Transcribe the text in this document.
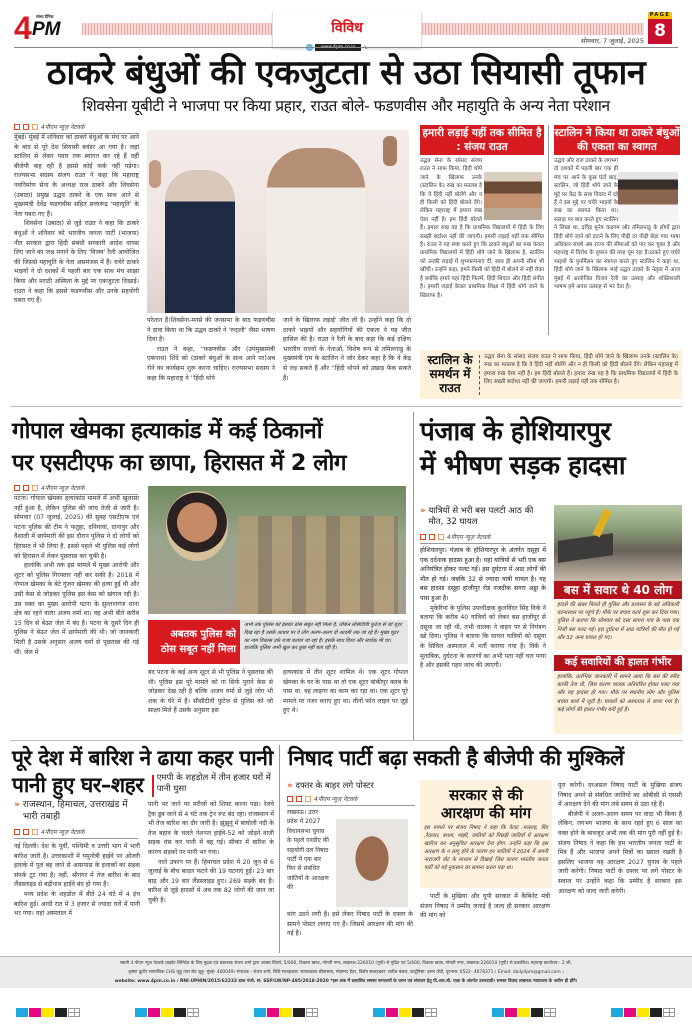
सांध्य दैनिक
4 PM	विविध
सोमवार, 7 जुलाई, 2025
PAGE
8
ठाकरे बंधुओं की एकजुटता से उठा सियासी तूफान
शिवसेना यूबीटी ने भाजपा पर किया प्रहार, राउत बोले- फडणवीस और महायुति के अन्य नेता परेशान
4पीएम न्यूज़ नेटवर्क

मुंबई। मुंबई में शनिवार को ठाकरे बंधुओं के मंच पर आने के बाद से पूरे देश सियासी बवंडर आ गया है। जहां स्टालिन से लेकर पवार तक स्वागत कर रहे हैं वहीं बीजेपी कह रही है इससे कोई फर्क नहीं पड़ेगा। राज्यसभा सदस्य संजय राउत ने कहा कि महाराष्ट्र नवनिर्माण सेना के अध्यक्ष राज ठाकरे और शिवसेना (उबाठा) प्रमुख उद्धव ठाकरे के एक साथ आने से मुख्यमंत्री देवेंद्र फडणवीस सहित सत्तारूढ़ 'महायुति' के नेता घबरा गए हैं।

शिवसेना (उबाठा) से जुड़े राउत ने कहा कि ठाकरे बंधुओं ने शनिवार को भारतीय जनता पार्टी (भाजपा) नीत सरकार द्वारा हिंदी संबंधी सरकारी आदेश वापस लिए जाने का जश्न मनाने के लिए 'विजय' रैली आयोजित की जिससे महायुति के नेता असमंजस में हैं। चचेरे ठाकरे भाइयों ने दो दशकों में पहली बार एक साथ मंच साझा किया और मराठी अस्मिता के मुद्दे पर एकजुटता दिखाई। राउत ने कहा कि इससे फडणवीस और उनके सहयोगी घबरा गए हैं।

परेशान हैं।शिवसेना-मनसे की जनसभा के बाद फडणवीस ने दावा किया था कि उद्धव ठाकरे ने 'रुदाली' जैसा भाषण दिया है।

राउत ने कहा, ''फडणवीस और (उपमुख्यमंत्री एकनाथ) शिंदे को (ठाकरे बंधुओं के साथ आने पर)अब रोने का कार्यक्रम शुरू करना चाहिए। राज्यसभा सदस्य ने कहा कि महाराष्ट्र ने ''हिंदी थोपे

जाने के खिलाफ लड़ाई' जीत ली है। उन्होंने कहा कि दो ठाकरे भाइयों और सहयोगियों की एकता ने यह जीत हासिल की है। राउत ने रैली के बाद कहा कि कई दक्षिण भारतीय राज्यों के नेताओं, विशेष रूप से तमिलनाडु के मुख्यमंत्री एम के स्टालिन ने जोर देकर कहा है कि वे केंद्र से लड़ सकते हैं और ''हिंदी थोपने को उखाड़ फेंक सकते हैं।

हमारी लड़ाई यहीं तक सीमित है : संजय राउत
उद्धव सेना के सांसद संजय राउत ने साफ किया, हिंदी थोपे जाने के खिलाफ उनके (स्टालिन के) रुख का मतलब है कि वे हिंदी नहीं बोलेंगे और न ही किसी को हिंदी बोलने देंगे। लेकिन महाराष्ट्र में हमारा रुख ऐसा नहीं है। हम हिंदी बोलते हैं। हमारा रुख यह है कि प्राथमिक विद्यालयों में हिंदी के लिए सख्ती बर्दाश्त नहीं की जाएगी। हमारी लड़ाई यहीं तक सीमित है। राउत ने यह स्पष्ट करते हुए कि ठाकरे बंधुओं का रुख केवल प्राथमिक विद्यालयों में हिंदी थोपे जाने के खिलाफ है, स्टालिन को उनकी लड़ाई में शुभकामनाएं दीं, साथ ही अपनी सीमा भी खींची। उन्होंने कहा, हमने किसी को हिंदी में बोलने से नहीं रोका है क्योंकि हमारे यहां हिंदी फिल्में, हिंदी थिएटर और हिंदी संगीत है। हमारी लड़ाई केवल प्राथमिक शिक्षा में हिंदी थोपे जाने के खिलाफ है।
स्टालिन ने किया था ठाकरे बंधुओं की एकता का स्वागत
उद्धव और राज ठाकरे के लगभग दो दशकों में पहली बार एक ही मंच पर आने के कुछ घंटों बाद, स्टालिन, जो हिंदी थोपे जाने के मुद्दे पर केंद्र के साथ विवाद में रहे हैं ने इस मुद्दे पर चचेरे भाइयों के रुख का स्वागत किया था। सलाह पर बात करते हुए स्टालिन ने लिखा था, द्रविड़ मुनेत्र कड़गम और तमिलनाडु के लोगों द्वारा हिंदी थोपे जाने को हटाने के लिए पीढ़ी दर पीढ़ी छेड़ा गया भाषा अधिकार संघर्ष अब राज्य की सीमाओं को पार कर चुका है और महाराष्ट्र में विरोध के तूफान की तरह घूम रहा है।ठाकरे हुए चचेरे भाइयों के पुनर्मिलन का स्वागत करते हुए स्टालिन ने कहा था, हिंदी थोपे जाने के खिलाफ भाई उद्धव ठाकरे के नेतृत्व में आज मुंबई में आयोजित विजय रैली का उत्साह और शक्तिशाली भाषण हमें अपार उत्साह से भर देता है।
स्टालिन के समर्थन में राउत
उद्धव सेना के सांसद संजय राउत ने साफ किया, हिंदी थोपे जाने के खिलाफ उनके (स्टालिन के) रुख का मतलब है कि वे हिंदी नहीं बोलेंगे और न ही किसी को हिंदी बोलने देंगे। लेकिन महाराष्ट्र में हमारा रुख ऐसा नहीं है। हम हिंदी बोलते हैं। हमारा रुख यह है कि प्राथमिक विद्यालयों में हिंदी के लिए सख्ती बर्दाश्त नहीं की जाएगी। हमारी लड़ाई यहीं तक सीमित है।
गोपाल खेमका हत्याकांड में कई ठिकानों
पर एसटीएफ का छापा, हिरासत में 2 लोग
4पीएम न्यूज़ नेटवर्क

पटना। गोपाल खेमका हत्याकांड मामले में अभी खुलासा नहीं हुआ है, लेकिन पुलिस की जांच तेजी से जारी है। सोमवार (07 जुलाई, 2025) की सुबह एसटीएफ एवं पटना पुलिस की टीम ने फतुहा, दनियावां, दानापुर और वैशाली में छापेमारी की इस दौरान पुलिस ने दो लोगों को हिरासत में भी लिया है. इससे पहले भी पुलिस कई लोगों को हिरासत में लेकर पूछताछ कर चुकी है।

हालांकि अभी तक इस मामले में मुख्य आरोपी और शूटर को पुलिस गिरफ्तार नहीं कर सकी है। 2018 में गोपाल खेमका के बेटे गुंजन खेमका की हत्या हुई थी और उसी केस से जोड़कर पुलिस इस केस को खंगाल रही है। उस वक्त का मुख्य आरोपी पटना के सुल्तानगंज थाना क्षेत्र का रहने वाला अजय वर्मा था। वह अभी बीते करीब 15 दिन से बेऊर जेल में बंद है। पटना के दूसरे दिन ही पुलिस ने बेऊर जेल में छापेमारी की थी। जो जानकारी मिली है उसके अनुसार अजय वर्मा से पूछताछ की गई थी। जेल में

अबतक पुलिस को ठोस सबूत नहीं मिला
अभी तक पुलिस को इसका ठोस सबूत नहीं मिला है, लेकिन सीसीटीवी फुटेज से जो शूटर दिख रहा है उसके आधार पर वे लोग अलग-अलग दो आदमी तक जा रहे हैं। मुख्य शूटर का नाम विकास उर्फ़ राजा बताया जा रहा है। इसके साथ विश्व और सार्थक भी था। हालांकि पुलिस अभी खुल कर कुछ नहीं बता रही है।

बंद पटना के कई अन्य शूटर से भी पुलिस ने पूछताछ की थी। पुलिस इस पूरे मामले को ना सिर्फ पुराने केस से जोड़कर देख रही है बल्कि अजय वर्मा से जुड़े लोग भी शक के घेरे में हैं। सीसीटीवी फुटेज से पुलिस को जो साक्ष्य मिले हैं उसके अनुसार इस

हत्याकांड में तीन शूटर शामिल थे। एक शूटर गोपाल खेमका के घर के पास था तो एक शूटर बांकीपुर क्लब के पास था. वह लाइनर का काम कर रहा था। एक शूटर पूरे मामले पर नजर बनाए हुए था। तीनों फोन लाइन पर जुड़े हुए थे।

पंजाब के होशियारपुर
में भीषण सड़क हादसा
» यात्रियों से भरी बस पलटी आठ की मौत, 32 घायल
4पीएम न्यूज़ नेटवर्क

होशियारपुर। पंजाब के होशियारपुर के अंतर्गत दसूहा में एक दर्दनाक हादसा हुआ है। यहां यात्रियों से भरी एक बस अनियंत्रित होकर पलट गई। इस दुर्घटना में आठ लोगों की मौत हो गई। जबकि 32 से ज्यादा यात्री घायल है। यह बस हादसा दसूहा हाजीपुर रोड नजदीक सगरा अड्डा के पास हुआ है।

मुकेरियां के पुलिस उपाधीक्षक कुलविंदर सिंह विर्क ने बताया कि करीब 40 यात्रियों को लेकर बस हाजीपुर से दसूया जा रही थी, तभी चालक ने वाहन पर से नियंत्रण खो दिया। पुलिस ने बताया कि घायल यात्रियों को दसूया के सिविल अस्पताल में भर्ती कराया गया है। विर्क ने मुताबिक, दुर्घटना के कारणों का अभी पता नहीं चल पाया है और इसकी गहन जांच की जाएगी।

बस में सवार थे 40 लोग
हादसे की खबर मिलते ही पुलिस और प्रशासन के बड़े अधिकारी घटनास्थल पर पहुंचे हैं। मौके पर बचाव कार्य शुरू कर दिया गया। पुलिस ने बताया कि सोमवार को दसा सागरा गांव के पास एक निजी बस पलट गई। इस दुर्घटना में आठ यात्रियों की मौत हो गई और 32 अन्य घायल हो गए।
कई सवारियों की हालत गंभीर
हालांकि, प्रारंभिक जानकारी में सामने आया कि बस की स्पीड काफी तेज थी, जिस कारण चालक अनियंत्रित होकर पलट गया और यह हादसा हो गया। मौके पर स्थानीय लोग और पुलिस बचाव कार्य में जुटी है। घायलों को अस्पताल ले जाया गया है। कई लोगों की हालत गंभीर बनी हुई है।
पूरे देश में बारिश ने ढाया कहर पानी
पानी हुए घर–शहर	एमपी के शहडोल में तीन हजार घरों में पानी घुसा
» राजस्थान, हिमाचल, उत्तराखंड में भारी तबाही
4पीएम न्यूज़ नेटवर्क

नई दिल्ली। देश के पूर्वी, पश्चिमी व उत्तरी भाग में भारी बारिश जारी है। उत्तरकाशी में यमुनोत्री हाईवे पर ओजरी इलाके में पुल बह जाने से आसपास के इलाकों का सड़क संपर्क टूट गया है। वहीं, श्रीनगर में तेज बारिश के बाद लैंडस्लाइड से बद्रीनाथ हाईवे बंद हो गया है।

मध्य प्रदेश के शहडोल में बीते 24 घंटे में 4 इंच बारिश हुई। आधी रात में 3 हजार से ज्यादा घरों में पानी भर गया। यहां अस्पताल में

पानी भर जाने पर मरीजों को शिफ्ट करना पड़ा। रेलवे ट्रैक डूब जाने से 4 घंटे तक ट्रेन रूट बंद रहा। राजस्थान में भी तेज बारिश का दौर जारी है। झुंझुनूं में बाघोली नदी के तेज बहाव के चलते नेशनल हाईवे-52 को जोड़ने वाली सड़क धंस कर पानी में बह गई। सीकर में बारिश के कारण सड़कों पर पानी भर गया।

नाले उफान पर हैं। हिमाचल प्रदेश में 20 जून से 6 जुलाई के बीच बादल फटने की 19 घटनाएं हुई। 23 बार बाढ़ और 19 बार लैंडस्लाइड हुए। 269 सड़कें बंद हैं। बारिश से जुड़े हादसों में अब तक 82 लोगों की जान जा चुकी है।

निषाद पार्टी बढ़ा सकती है बीजेपी की मुश्किलें
» दफ्तर के बाहर लगे पोस्टर
4पीएम न्यूज़ नेटवर्क
लखनऊ। उत्तर प्रदेश में 2027 विधानसभा चुनाव के पहले एनडीए की सहयोगी दल निषाद पार्टी में एक बार फिर से संबंधित जातियों के आरक्षण की
मांग उठने लगी है। इसे लेकर निषाद पार्टी के दफ्तर के सामने पोस्टर लगाए गए हैं। जिसमें आरक्षण की मांग की गई है।
सरकार से की आरक्षण की मांग
इस मामले पर संजय निषाद ने कहा कि केवट ,मल्लाह, बिंद ,रैकवार, बाथम, मांझी, जातियों को पिछड़ी जातियों में आरक्षण खारिज कर अनुसूचित आरक्षण देना होगा. उन्होंने कहा कि इस आरक्षण के न लागू होने के कारण इन जातियों ने 2024 में अपनी नाराजगी वोट के माध्यम से दिखाई जिस कारण भारतीय जनता पार्टी को बड़े नुकसान का सामना करना पड़ा था।

पार्टी के मुखिया और यूपी सरकार में कैबिनेट मंत्री संजय निषाद ने उम्मीद जताई है जल्द ही सरकार आरक्षण की मांग को

पूरा करेगी। दरअसल निषाद पार्टी के मुखिया संजय निषाद अपने से संबंधित जातियों का ओबीसी से एससी में आरक्षण देने की मांग लंबे समय से उठा रहे हैं।

बीजेपी ने अलग-अलग समय पर वादा भी किया है लेकिन, लगभग भाजपा के साथ रहते हुए 6 साल का वक्त होने के बावजूद अभी तक की मांग पूरी नहीं हुई है। संजय निषाद ने कहा कि हम भारतीय जनता पार्टी के मित्र हैं और भाजपा अपने मित्रों का ख्याल रखती है इसलिए भाजपा यह आरक्षण 2027 चुनाव के पहले जारी करेगी। निषाद पार्टी के दफ्तर पर लगे पोस्टर के सवाल पर उन्होंने कहा कि उम्मीद है सरकार इस आरक्षण को जल्द जारी करेगी।

स्वामी 4 पीएम न्यूज नेटवर्क प्राइवेट लिमिटेड के लिए मुद्रक एवं प्रकाशक संजय शर्मा द्वारा आस्था प्रिंटर्स, 5/600, विकास खण्ड, गोमती नगर, लखनऊ-226010 (यूपी) से मुद्रित एवं 5/600, विकास खण्ड, गोमती नगर, लखनऊ-226010 (यूपी) से प्रकाशित। महाराष्ट्र कार्यालय:- 2 जी,
कृष्णा कुटीर सामाजिक CHS जुहू तारा रोड जुहू- मुंबई- 400049। संपादक - संजय शर्मा, विधि सलाहकार: सत्यप्रकाश श्रीवास्तव, मोहम्मद हैदर, विशेष सलाहकार: सतीश बंसल, कार्टूनिस्ट: हसन जैदी, दूरभाष: 0522- 4078371 । Email: daily4pm@gmail.com ।
website: www.4pm.co.in । RNI-UPHIN/2015/62233 डाक पंजी. सं- SSP/LW/NP-495/2018-2020 *इस अंक में प्रकाशित समस्त समाचारों के चयन एवं संपादन हेतु पी.आर.बी. एक्ट के अंतर्गत उत्तरदायी। समस्त विवाद लखनऊ न्यायालय के अधीन ही होंगे।
